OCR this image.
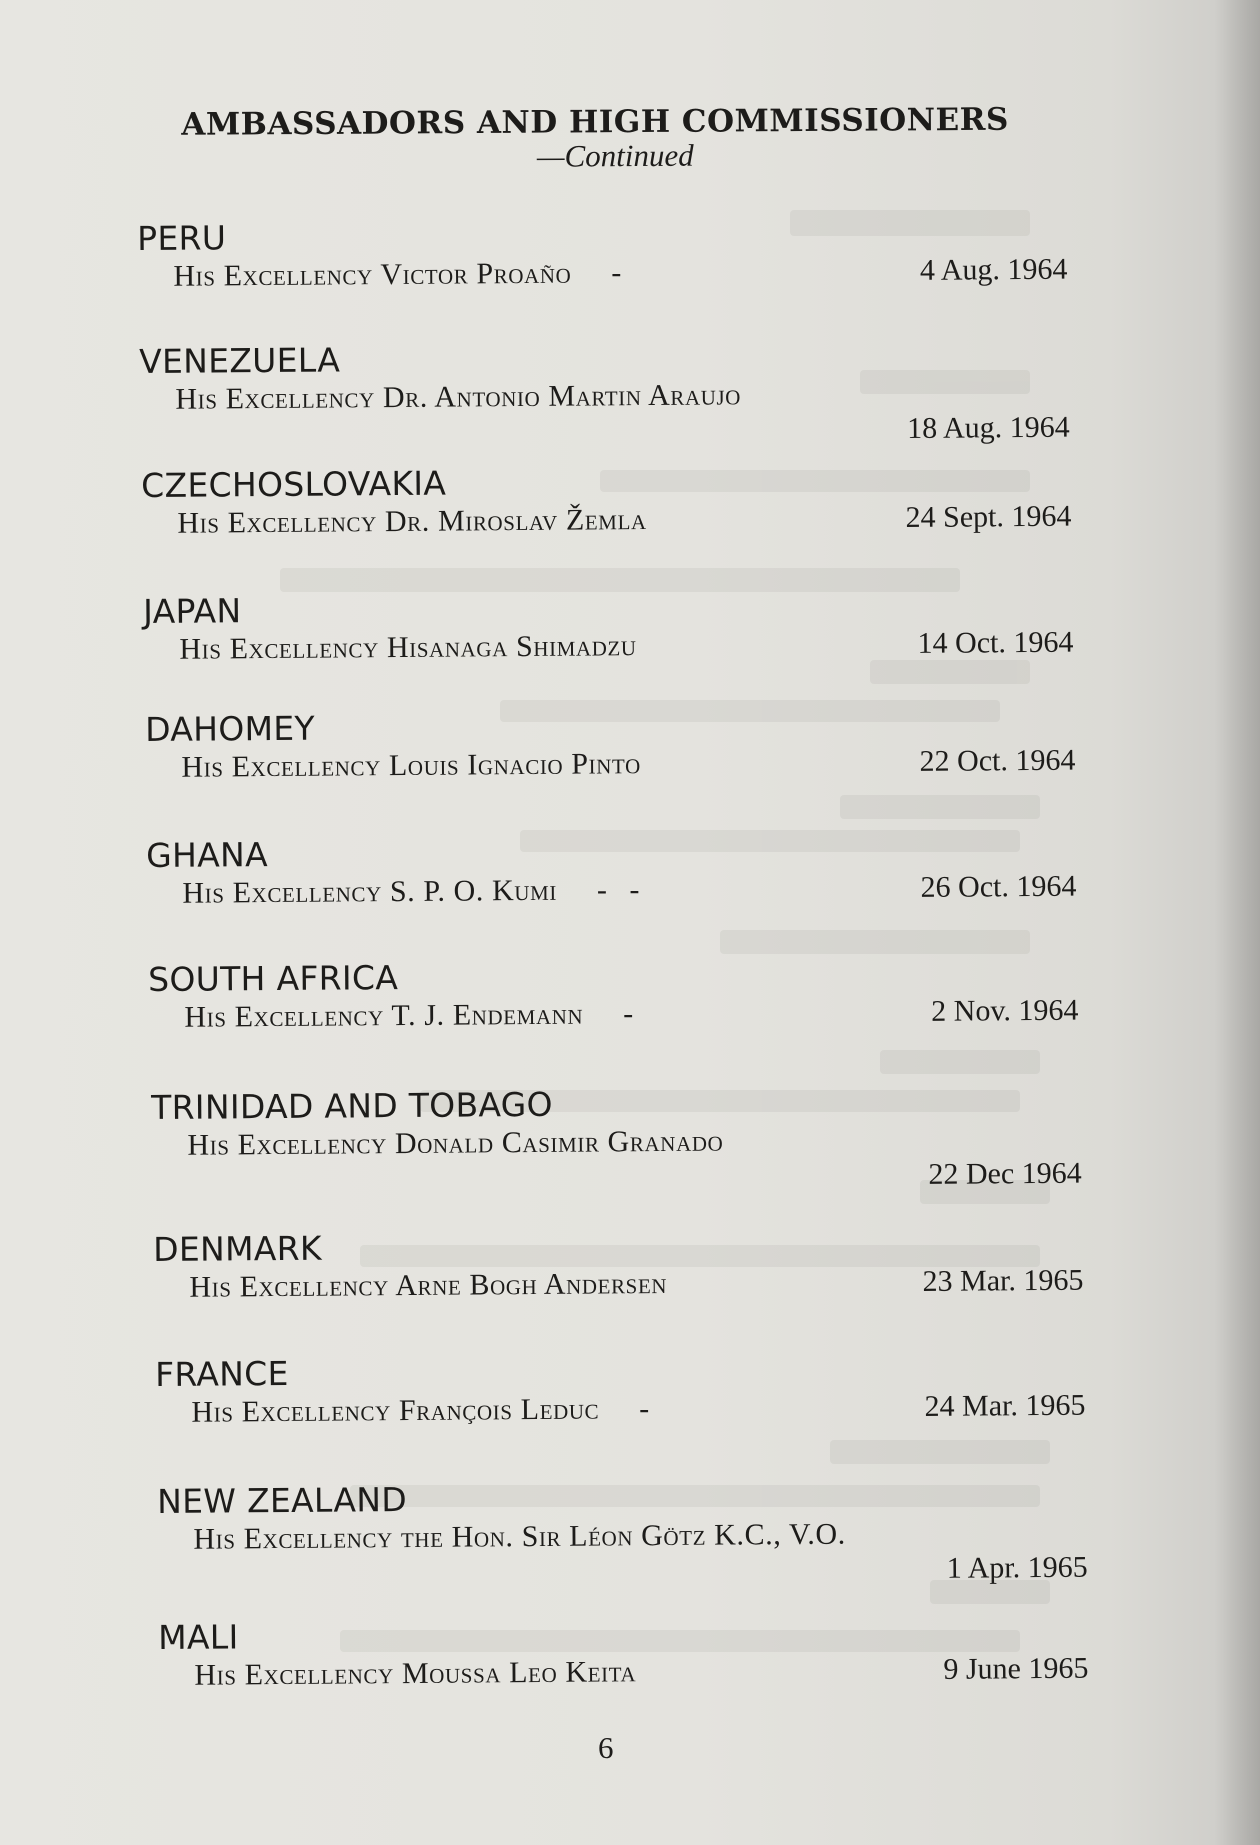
AMBASSADORS AND HIGH COMMISSIONERS
—Continued
PERU
His Excellency Victor Proaño -	4 Aug. 1964
VENEZUELA
His Excellency Dr. Antonio Martin Araujo
18 Aug. 1964
CZECHOSLOVAKIA
His Excellency Dr. Miroslav Žemla	24 Sept. 1964
JAPAN
His Excellency Hisanaga Shimadzu	14 Oct. 1964
DAHOMEY
His Excellency Louis Ignacio Pinto	22 Oct. 1964
GHANA
His Excellency S. P. O. Kumi -   -	26 Oct. 1964
SOUTH AFRICA
His Excellency T. J. Endemann -	2 Nov. 1964
TRINIDAD AND TOBAGO
His Excellency Donald Casimir Granado
22 Dec 1964
DENMARK
His Excellency Arne Bogh Andersen	23 Mar. 1965
FRANCE
His Excellency François Leduc -	24 Mar. 1965
NEW ZEALAND
His Excellency the Hon. Sir Léon Götz K.C., V.O.
1 Apr. 1965
MALI
His Excellency Moussa Leo Keita	9 June 1965
6
